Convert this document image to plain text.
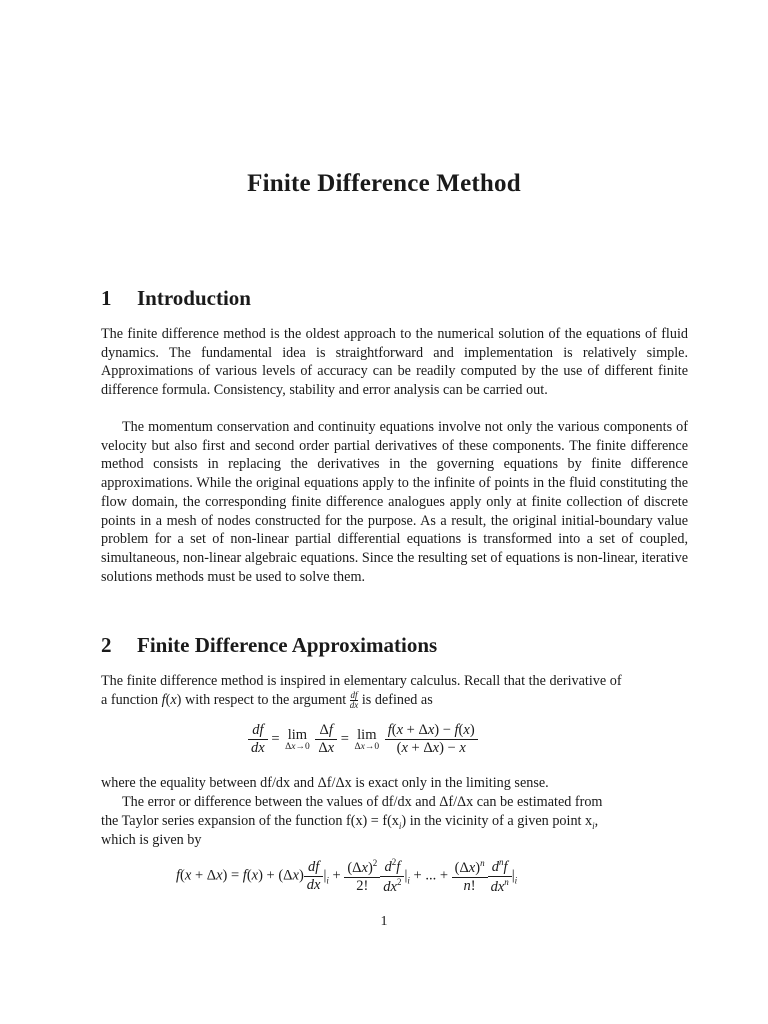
Finite Difference Method
1 Introduction

The finite difference method is the oldest approach to the numerical solution of the equations of fluid dynamics. The fundamental idea is straightforward and implementation is relatively simple. Approximations of various levels of accuracy can be readily computed by the use of different finite difference formula. Consistency, stability and error analysis can be carried out.

The momentum conservation and continuity equations involve not only the various components of velocity but also first and second order partial derivatives of these components. The finite difference method consists in replacing the derivatives in the governing equations by finite difference approximations. While the original equations apply to the infinite of points in the fluid constituting the flow domain, the corresponding finite difference analogues apply only at finite collection of discrete points in a mesh of nodes constructed for the purpose. As a result, the original initial-boundary value problem for a set of non-linear partial differential equations is transformed into a set of coupled, simultaneous, non-linear algebraic equations. Since the resulting set of equations is non-linear, iterative solutions methods must be used to solve them.

2 Finite Difference Approximations
The finite difference method is inspired in elementary calculus. Recall that the derivative of
a function f(x) with respect to the argument $\frac{df}{dx}$ is defined as
$\frac{df}{dx} = \lim$
Δx→0
$\frac{\Delta f}{\Delta x} = \lim$
Δx→0
$\frac{f(x + \Delta x) - f(x)}{(x + \Delta x) - x}$
where the equality between df/dx and Δf/Δx is exact only in the limiting sense.
The error or difference between the values of df/dx and Δf/Δx can be estimated from
the Taylor series expansion of the function $f(x) = f(x_i)$ in the vicinity of a given point $x_i$,
which is given by
$f(x + \Delta x) = f(x) + (\Delta x) \frac{df}{dx} |_i + \frac{(\Delta x)^2}{2!} \frac{d^2f}{dx^2} |_i$ + ... + $\frac{(\Delta x)^n}{n!} \frac{d^nf}{dx^n} |_i$
1
